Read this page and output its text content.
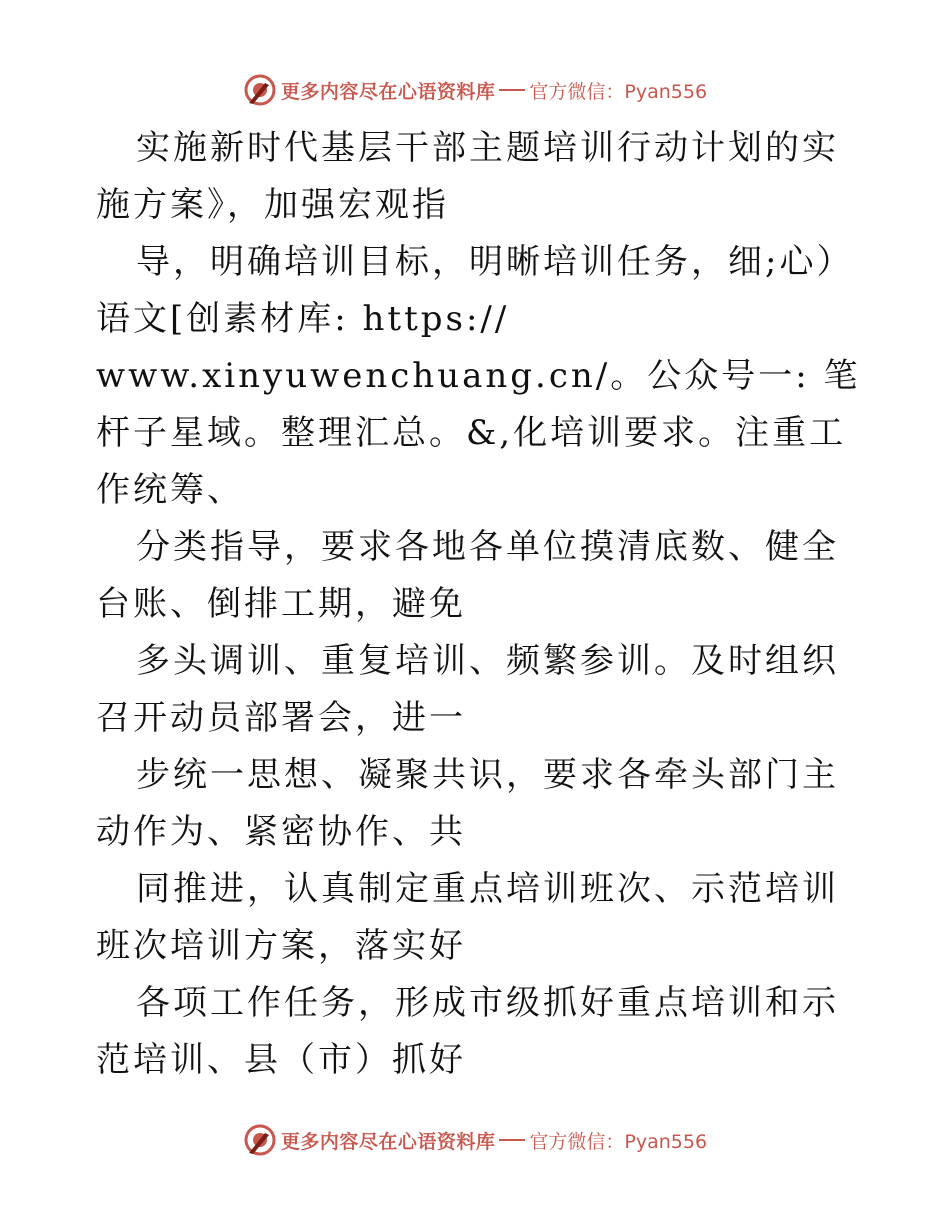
更多内容尽在心语资料库 官方微信：Pyan556

实施新时代基层干部主题培训行动计划的实施方案》，加强宏观指

导，明确培训目标，明晰培训任务，细;心）语文[创素材库: https://

www.xinyuwenchuang.cn/。公众号一: 笔杆子星域。整理汇总。&,化培训要求。注重工作统筹、

分类指导，要求各地各单位摸清底数、健全台账、倒排工期，避免

多头调训、重复培训、频繁参训。及时组织召开动员部署会，进一

步统一思想、凝聚共识，要求各牵头部门主动作为、紧密协作、共

同推进，认真制定重点培训班次、示范培训班次培训方案，落实好

各项工作任务，形成市级抓好重点培训和示范培训、县（市）抓好

更多内容尽在心语资料库 官方微信：Pyan556
